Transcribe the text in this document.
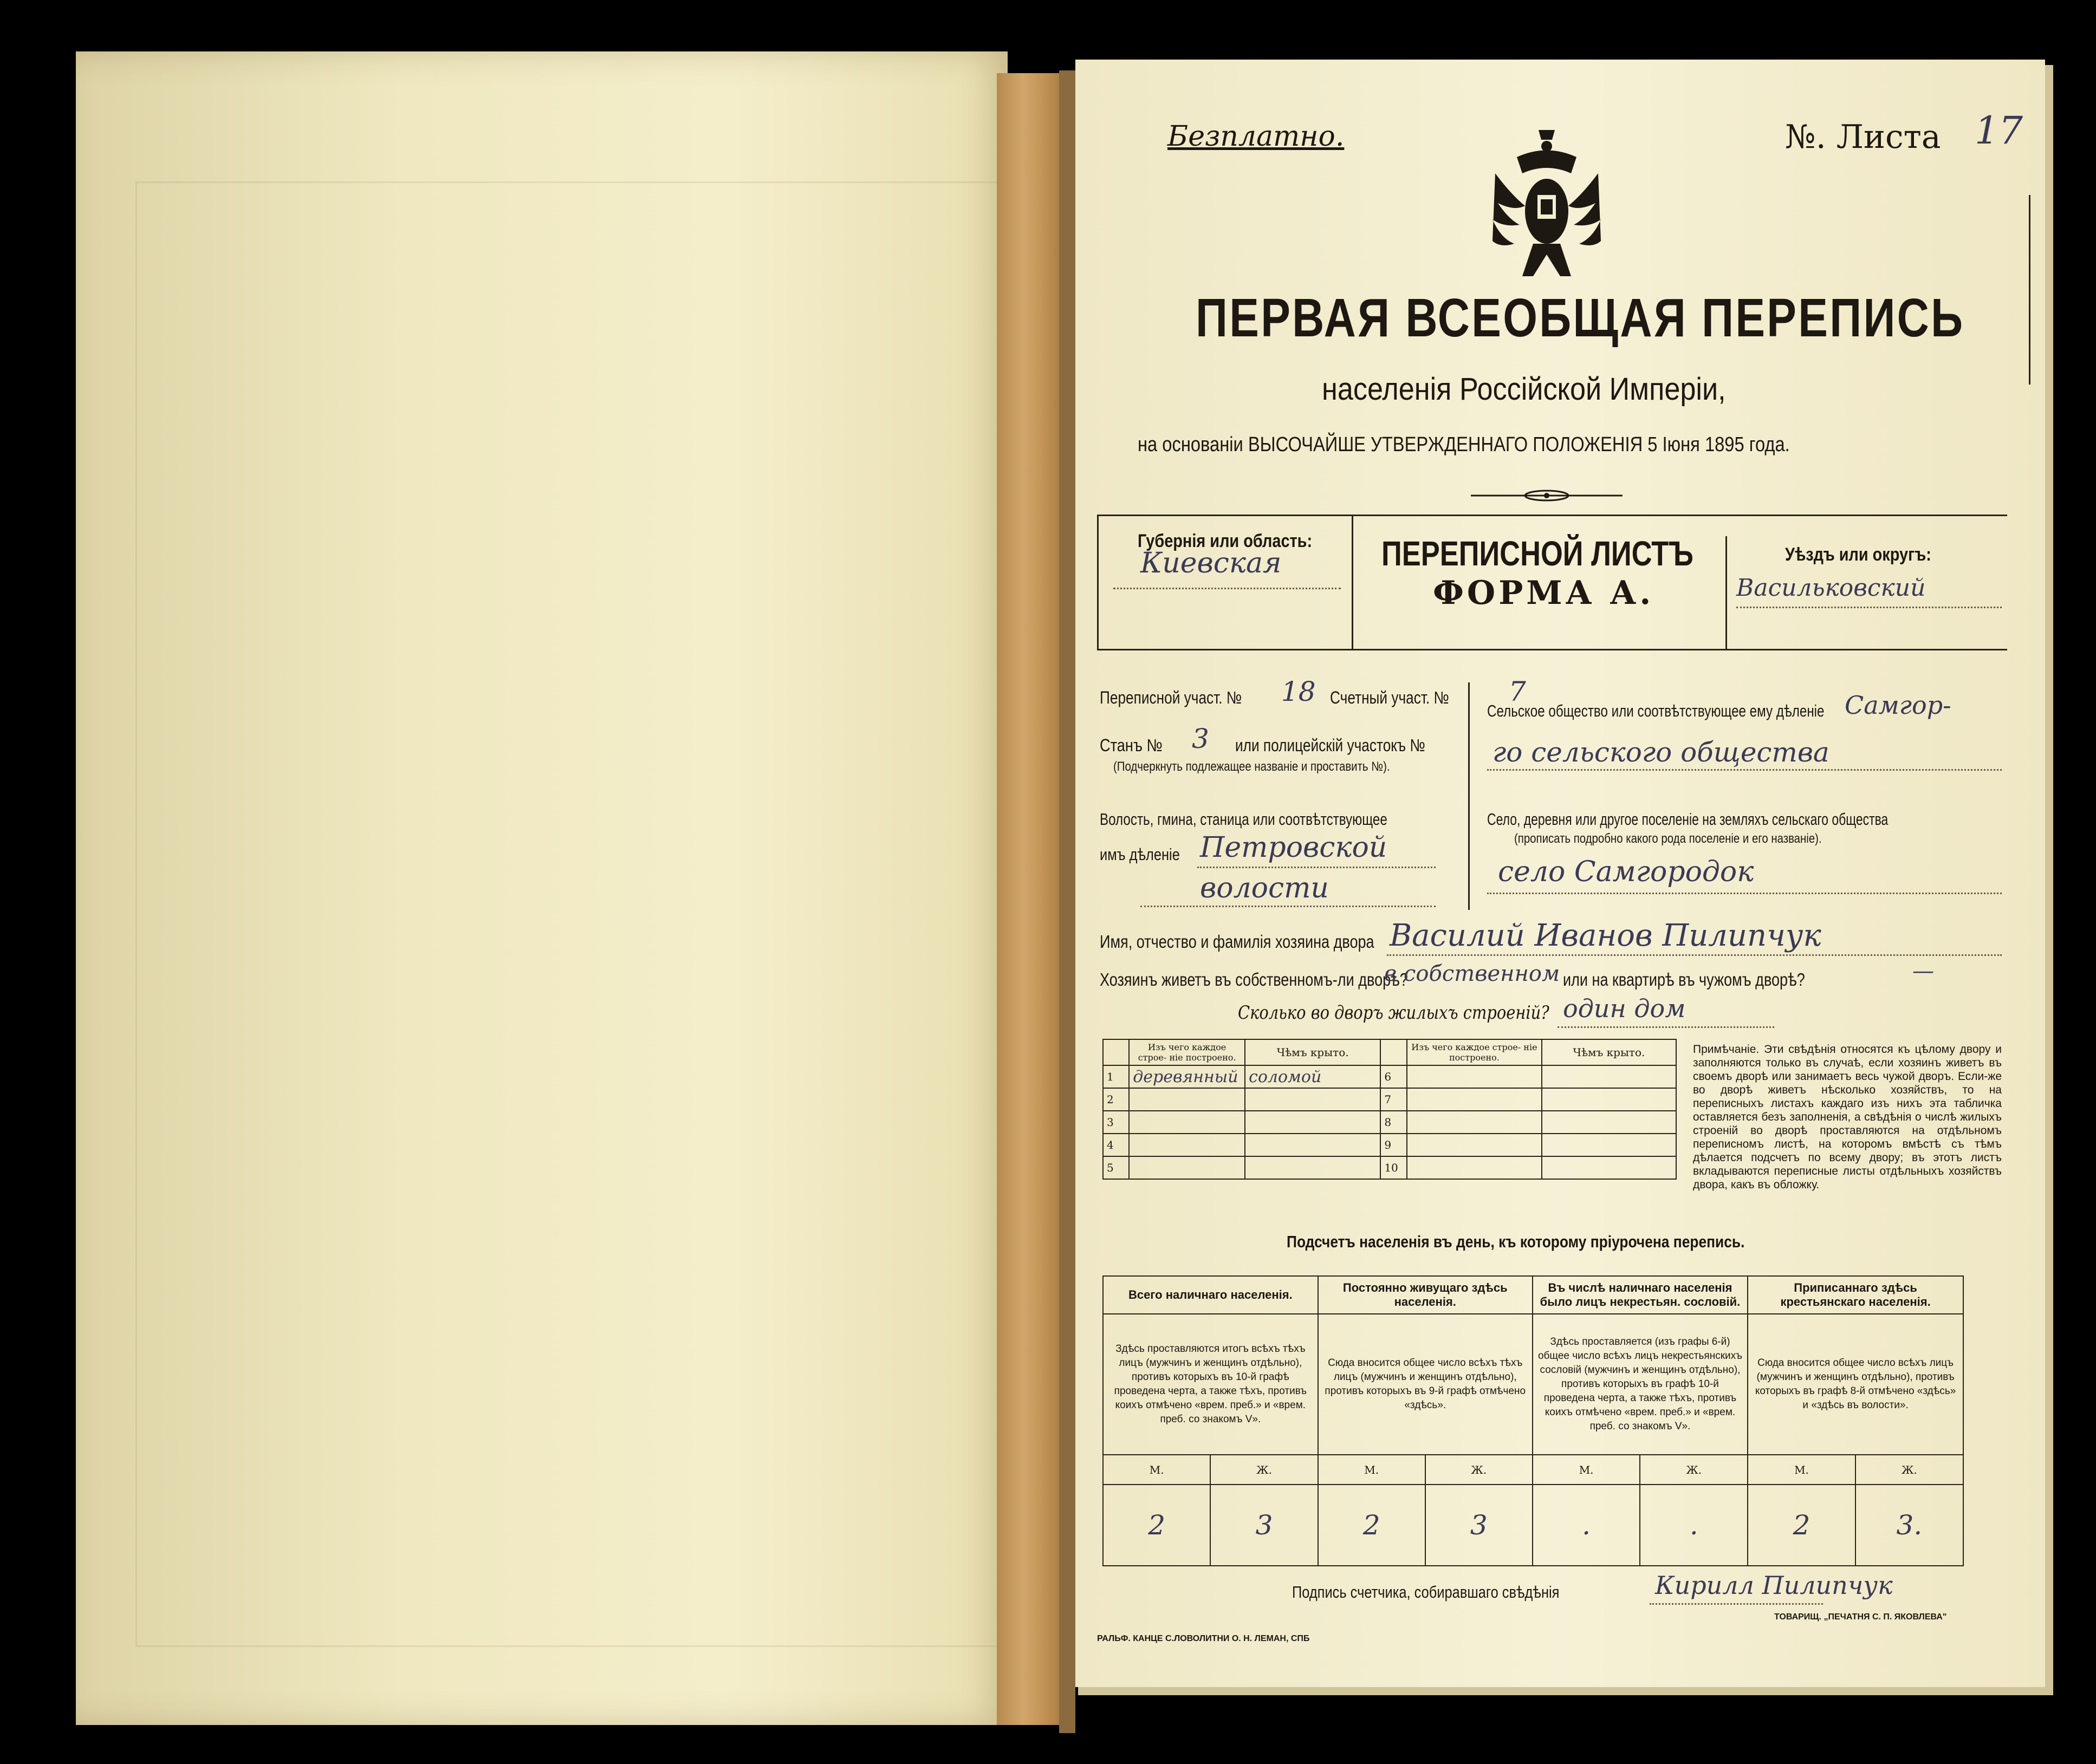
Безплатно.	№. Листа 17
ПЕРВАЯ ВСЕОБЩАЯ ПЕРЕПИСЬ
населенія Россійской Имперіи,
на основаніи ВЫСОЧАЙШЕ УТВЕРЖДЕННАГО ПОЛОЖЕНІЯ 5 Іюня 1895 года.
Губернія или область:
Киевская	ПЕРЕПИСНОЙ ЛИСТЪ
ФОРМА А.
Уѣздъ или округъ:
Васильковский
Переписной участ. № 18 Счетный участ. № 7
Станъ № 3 или полицейскій участокъ №
(Подчеркнуть подлежащее названіе и проставить №).
Волость, гмина, станица или соотвѣтствующее
имъ дѣленіе Петровской
волости
Сельское общество или соотвѣтствующее ему дѣленіе Самгор-
го сельского общества
Село, деревня или другое поселеніе на земляхъ сельскаго общества
(прописать подробно какого рода поселеніе и его названіе).
село Самгородок
Имя, отчество и фамилія хозяина двора Василий Иванов Пилипчук
Хозяинъ живетъ въ собственномъ-ли дворѣ?
в собственном или на квартирѣ въ чужомъ дворѣ?	—
Сколько во дворъ жилыхъ строеній? один дом
	Изъ чего каждое строе- ніе построено.	Чѣмъ крыто.		Изъ чего каждое строе- ніе построено.	Чѣмъ крыто.
1	деревянный	соломой	6		
2			7		
3			8		
4			9		
5			10		
Примѣчаніе. Эти свѣдѣнія относятся къ цѣлому двору и заполняются только въ случаѣ, если хозяинъ живетъ въ своемъ дворѣ или занимаетъ весь чужой дворъ. Если-же во дворѣ живетъ нѣсколько хозяйствъ, то на переписныхъ листахъ каждаго изъ нихъ эта табличка оставляется безъ заполненія, а свѣдѣнія о числѣ жилыхъ строеній во дворѣ проставляются на отдѣльномъ переписномъ листѣ, на которомъ вмѣстѣ съ тѣмъ дѣлается подсчетъ по всему двору; въ этотъ листъ вкладываются переписные листы отдѣльныхъ хозяйствъ двора, какъ въ обложку.
Подсчетъ населенія въ день, къ которому пріурочена перепись.
Всего наличнаго населенія.		Постоянно живущаго здѣсь населенія.		Въ числѣ наличнаго населенія было лицъ некрестьян. сословій.		Приписаннаго здѣсь крестьянскаго населенія.	
Здѣсь проставляются итогъ всѣхъ тѣхъ лицъ (мужчинъ и женщинъ отдѣльно), противъ которыхъ въ 10-й графѣ проведена черта, а также тѣхъ, противъ коихъ отмѣчено «врем. преб.» и «врем. преб. со знакомъ V».		Сюда вносится общее число всѣхъ тѣхъ лицъ (мужчинъ и женщинъ отдѣльно), противъ которыхъ въ 9-й графѣ отмѣчено «здѣсь».		Здѣсь проставляется (изъ графы 6-й) общее число всѣхъ лицъ некрестьянскихъ сословій (мужчинъ и женщинъ отдѣльно), противъ которыхъ въ графѣ 10-й проведена черта, а также тѣхъ, противъ коихъ отмѣчено «врем. преб.» и «врем. преб. со знакомъ V».		Сюда вносится общее число всѣхъ лицъ (мужчинъ и женщинъ отдѣльно), противъ которыхъ въ графѣ 8-й отмѣчено «здѣсь» и «здѣсь въ волости».	
М.	Ж.	М.	Ж.	М.	Ж.	М.	Ж.
2	3	2	3	.	.	2	3.
Подпись счетчика, собиравшаго свѣдѣнія	Кирилл Пилипчук
РАЛЬФ. КАНЦЕ С.ЛОВОЛИТНИ О. Н. ЛЕМАН, СПБ
ТОВАРИЩ. „ПЕЧАТНЯ С. П. ЯКОВЛЕВА"
